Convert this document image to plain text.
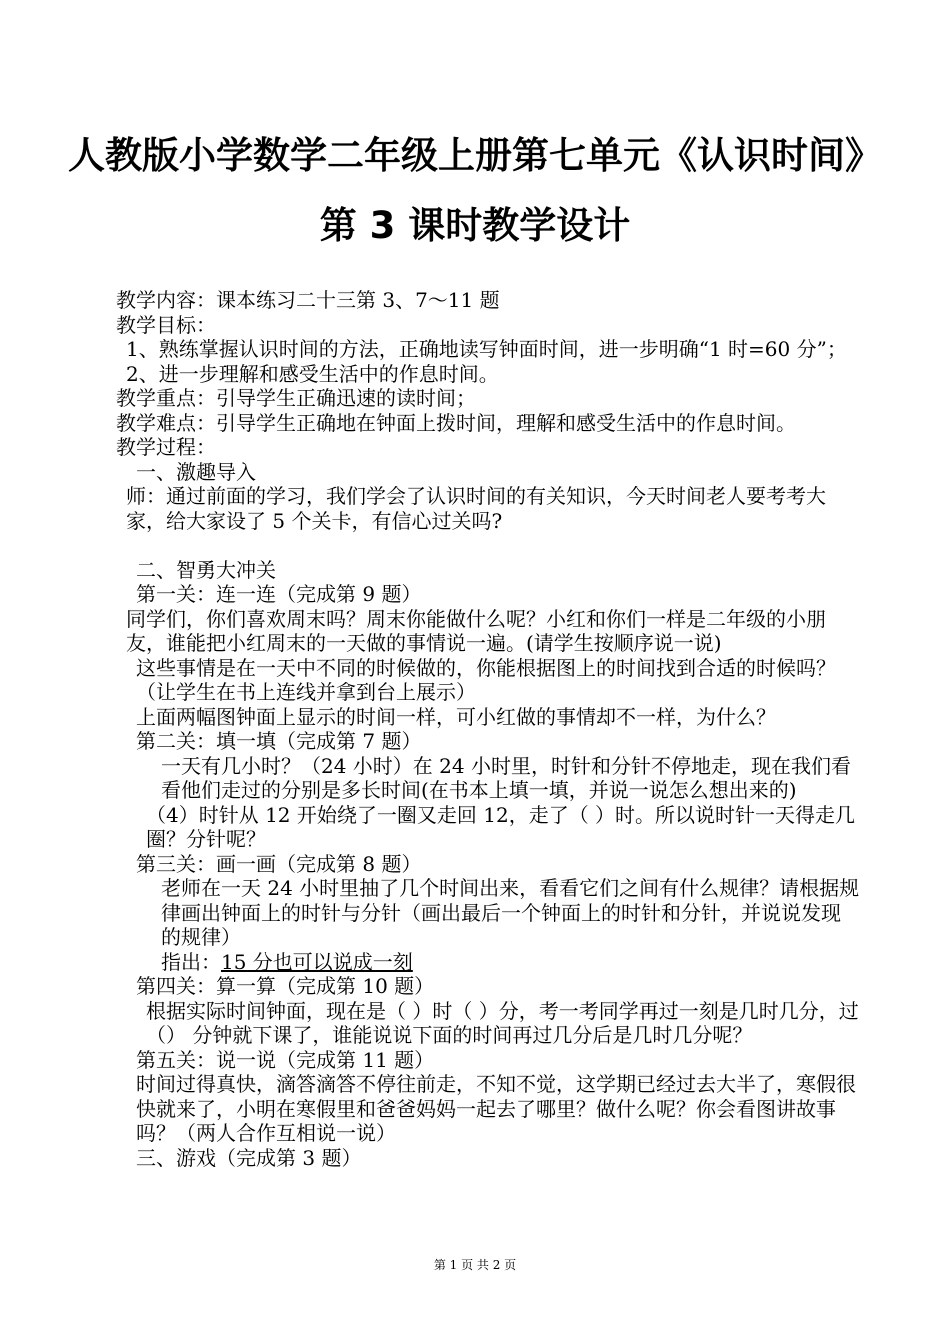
人教版小学数学二年级上册第七单元《认识时间》
第 3 课时教学设计

教学内容：课本练习二十三第 3、7～11 题

教学目标：

1、熟练掌握认识时间的方法，正确地读写钟面时间，进一步明确“1 时=60 分”；

2、进一步理解和感受生活中的作息时间。

教学重点：引导学生正确迅速的读时间；

教学难点：引导学生正确地在钟面上拨时间，理解和感受生活中的作息时间。

教学过程：

一、激趣导入

师：通过前面的学习，我们学会了认识时间的有关知识，今天时间老人要考考大家，给大家设了 5 个关卡，有信心过关吗?

二、智勇大冲关

第一关：连一连（完成第 9 题）

同学们，你们喜欢周末吗？周末你能做什么呢？小红和你们一样是二年级的小朋友，谁能把小红周末的一天做的事情说一遍。(请学生按顺序说一说)

这些事情是在一天中不同的时候做的，你能根据图上的时间找到合适的时候吗？

（让学生在书上连线并拿到台上展示）

上面两幅图钟面上显示的时间一样，可小红做的事情却不一样，为什么？

第二关：填一填（完成第 7 题）

一天有几小时？（24 小时）在 24 小时里，时针和分针不停地走，现在我们看看他们走过的分别是多长时间(在书本上填一填，并说一说怎么想出来的)

（4）时针从 12 开始绕了一圈又走回 12，走了（ ）时。所以说时针一天得走几圈？分针呢？

第三关：画一画（完成第 8 题）

老师在一天 24 小时里抽了几个时间出来，看看它们之间有什么规律？请根据规律画出钟面上的时针与分针（画出最后一个钟面上的时针和分针，并说说发现的规律）

指出：15 分也可以说成一刻

第四关：算一算（完成第 10 题）

根据实际时间钟面，现在是（ ）时（ ）分，考一考同学再过一刻是几时几分，过 （） 分钟就下课了，谁能说说下面的时间再过几分后是几时几分呢？

第五关：说一说（完成第 11 题）

时间过得真快，滴答滴答不停往前走，不知不觉，这学期已经过去大半了，寒假很快就来了，小明在寒假里和爸爸妈妈一起去了哪里？做什么呢？你会看图讲故事吗？（两人合作互相说一说）

三、游戏（完成第 3 题）

第 1 页 共 2 页
